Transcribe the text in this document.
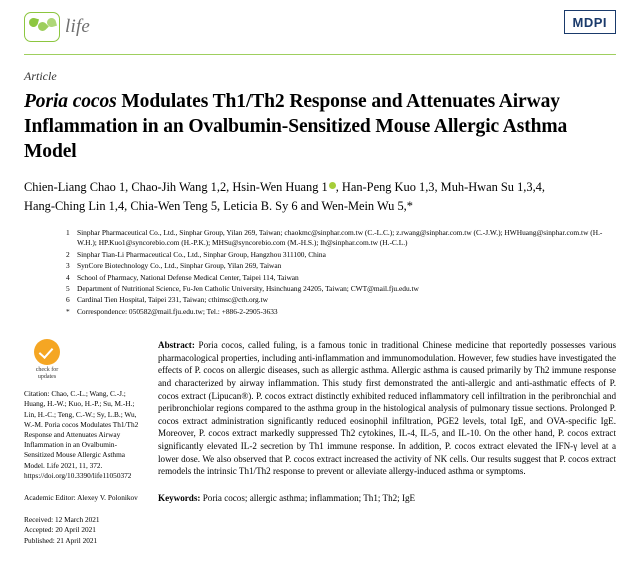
life	MDPI
Article
Poria cocos Modulates Th1/Th2 Response and Attenuates Airway Inflammation in an Ovalbumin-Sensitized Mouse Allergic Asthma Model
Chien-Liang Chao 1, Chao-Jih Wang 1,2, Hsin-Wen Huang 1 , Han-Peng Kuo 1,3, Muh-Hwan Su 1,3,4,
Hang-Ching Lin 1,4, Chia-Wen Teng 5, Leticia B. Sy 6 and Wen-Mein Wu 5,*
1 Sinphar Pharmaceutical Co., Ltd., Sinphar Group, Yilan 269, Taiwan; chaokmc@sinphar.com.tw (C.-L.C.); z.rwang@sinphar.com.tw (C.-J.W.); HWHuang@sinphar.com.tw (H.-W.H.); HP.Kuo1@syncorebio.com (H.-P.K.); MHSu@syncorebio.com (M.-H.S.); lh@sinphar.com.tw (H.-C.L.)
2 Sinphar Tian-Li Pharmaceutical Co., Ltd., Sinphar Group, Hangzhou 311100, China
3 SynCore Biotechnology Co., Ltd., Sinphar Group, Yilan 269, Taiwan
4 School of Pharmacy, National Defense Medical Center, Taipei 114, Taiwan
5 Department of Nutritional Science, Fu-Jen Catholic University, Hsinchuang 24205, Taiwan; CWT@mail.fju.edu.tw
6 Cardinal Tien Hospital, Taipei 231, Taiwan; cthimsc@cth.org.tw
* Correspondence: 050582@mail.fju.edu.tw; Tel.: +886-2-2905-3633
check for
updates
Citation: Chao, C.-L.; Wang, C.-J.; Huang, H.-W.; Kuo, H.-P.; Su, M.-H.; Lin, H.-C.; Teng, C.-W.; Sy, L.B.; Wu, W.-M. Poria cocos Modulates Th1/Th2 Response and Attenuates Airway Inflammation in an Ovalbumin-Sensitized Mouse Allergic Asthma Model. Life 2021, 11, 372. https://doi.org/10.3390/life11050372
Academic Editor: Alexey V. Polonikov
Received: 12 March 2021
Accepted: 20 April 2021
Published: 21 April 2021

Abstract: Poria cocos, called fuling, is a famous tonic in traditional Chinese medicine that reportedly possesses various pharmacological properties, including anti-inflammation and immunomodulation. However, few studies have investigated the effects of P. cocos on allergic diseases, such as allergic asthma. Allergic asthma is caused primarily by Th2 immune response and characterized by airway inflammation. This study first demonstrated the anti-allergic and anti-asthmatic effects of P. cocos extract (Lipucan®). P. cocos extract distinctly exhibited reduced inflammatory cell infiltration in the peribronchial and peribronchiolar regions compared to the asthma group in the histological analysis of pulmonary tissue sections. Prolonged P. cocos extract administration significantly reduced eosinophil infiltration, PGE2 levels, total IgE, and OVA-specific IgE. Moreover, P. cocos extract markedly suppressed Th2 cytokines, IL-4, IL-5, and IL-10. On the other hand, P. cocos extract significantly elevated IL-2 secretion by Th1 immune response. In addition, P. cocos extract elevated the IFN-γ level at a lower dose. We also observed that P. cocos extract increased the activity of NK cells. Our results suggest that P. cocos extract remodels the intrinsic Th1/Th2 response to prevent or alleviate allergy-induced asthma or symptoms.

Keywords: Poria cocos; allergic asthma; inflammation; Th1; Th2; IgE
